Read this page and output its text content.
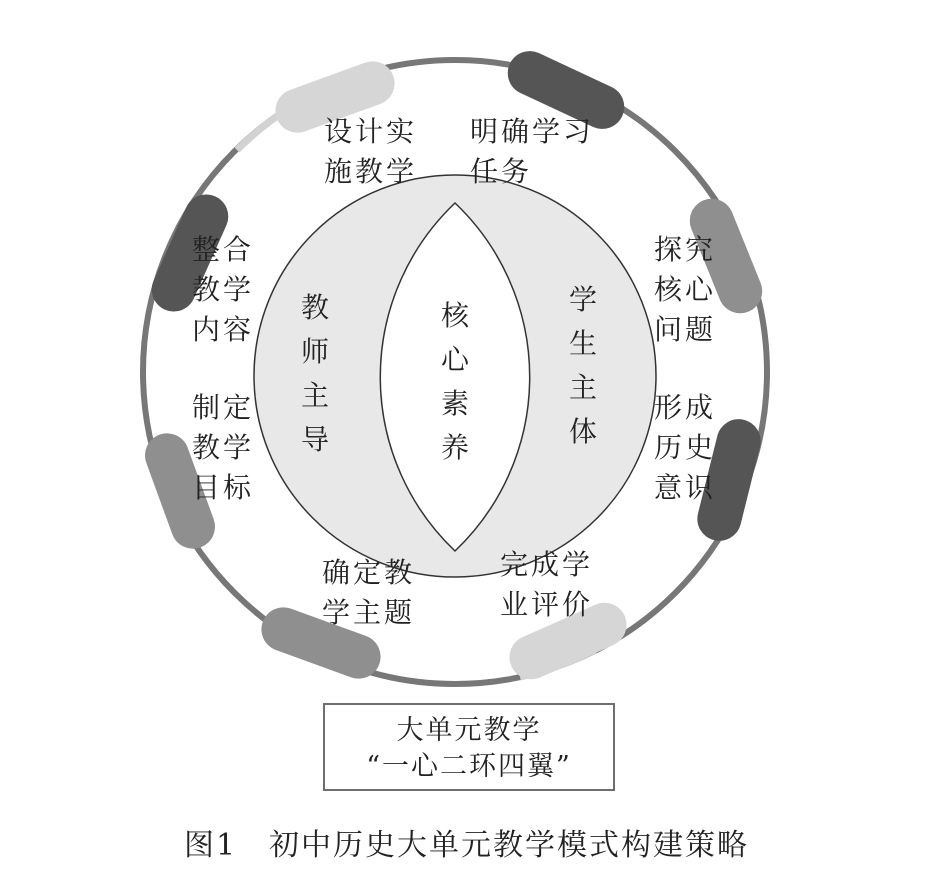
设计实
施教学
明确学习
任务
整合
教学
内容
制定
教学
目标
探究
核心
问题
形成
历史
意识
确定教
学主题
完成学
业评价
教师主导
核心素养
学生主体
大单元教学
“一心二环四翼”
图1　初中历史大单元教学模式构建策略
